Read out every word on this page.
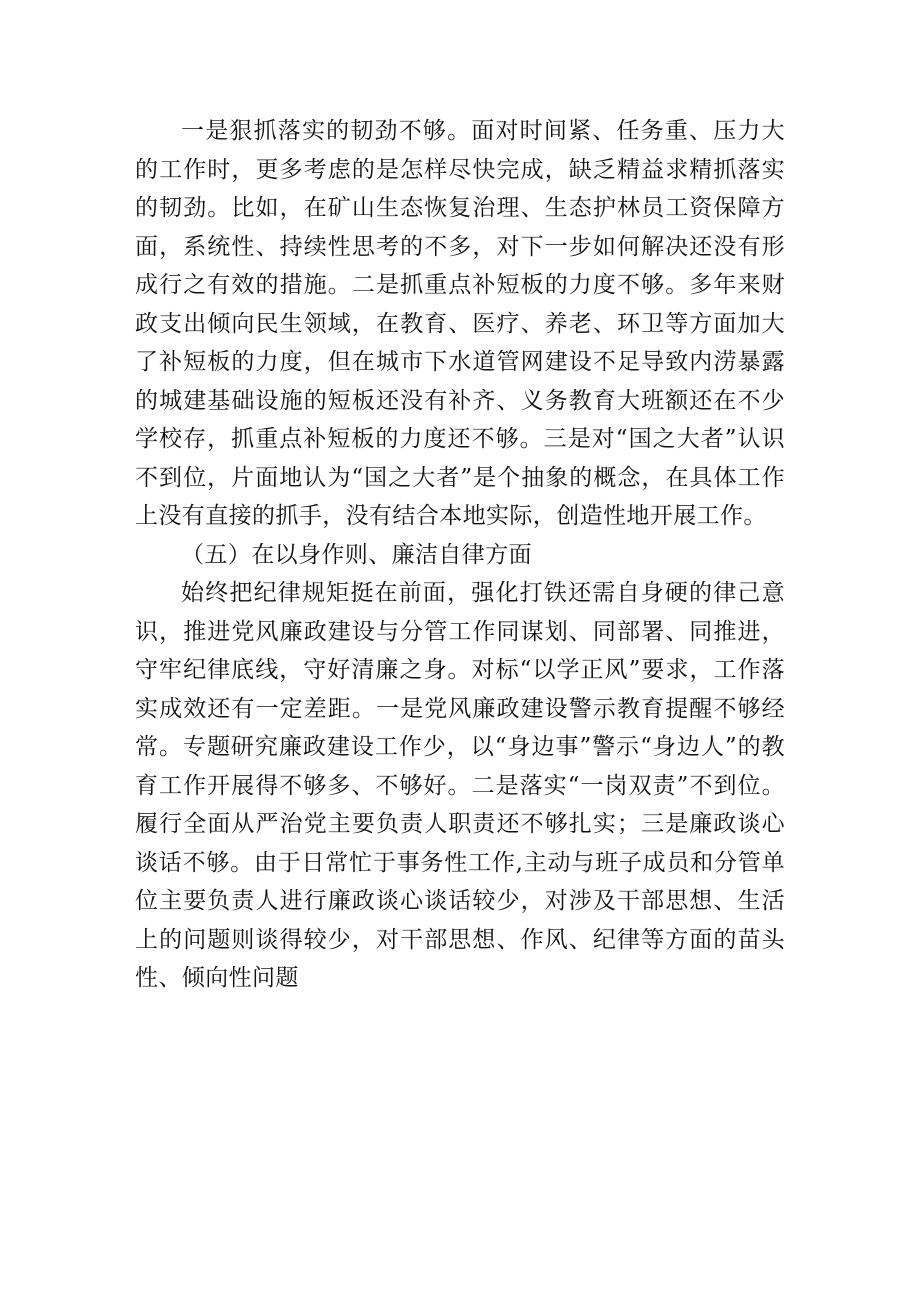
一是狠抓落实的韧劲不够。面对时间紧、任务重、压力大的工作时，更多考虑的是怎样尽快完成，缺乏精益求精抓落实的韧劲。比如，在矿山生态恢复治理、生态护林员工资保障方面，系统性、持续性思考的不多，对下一步如何解决还没有形成行之有效的措施。二是抓重点补短板的力度不够。多年来财政支出倾向民生领域，在教育、医疗、养老、环卫等方面加大了补短板的力度，但在城市下水道管网建设不足导致内涝暴露的城建基础设施的短板还没有补齐、义务教育大班额还在不少学校存，抓重点补短板的力度还不够。三是对“国之大者”认识不到位，片面地认为“国之大者”是个抽象的概念，在具体工作上没有直接的抓手，没有结合本地实际，创造性地开展工作。

（五）在以身作则、廉洁自律方面

始终把纪律规矩挺在前面，强化打铁还需自身硬的律己意识，推进党风廉政建设与分管工作同谋划、同部署、同推进，守牢纪律底线，守好清廉之身。对标“以学正风”要求，工作落实成效还有一定差距。一是党风廉政建设警示教育提醒不够经常。专题研究廉政建设工作少，以“身边事”警示“身边人”的教育工作开展得不够多、不够好。二是落实“一岗双责”不到位。履行全面从严治党主要负责人职责还不够扎实；三是廉政谈心谈话不够。由于日常忙于事务性工作,主动与班子成员和分管单位主要负责人进行廉政谈心谈话较少，对涉及干部思想、生活上的问题则谈得较少，对干部思想、作风、纪律等方面的苗头性、倾向性问题
